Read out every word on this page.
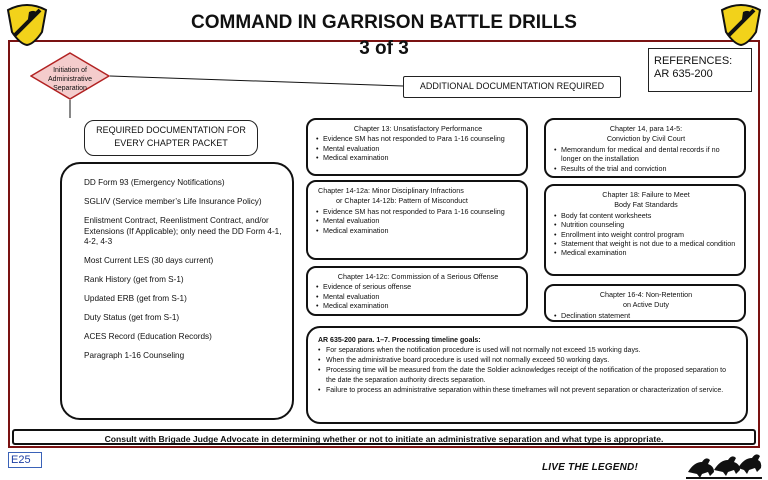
COMMAND IN GARRISON BATTLE DRILLS
3 of 3
REFERENCES:
AR 635-200
Initiation of
Administrative
Separation	ADDITIONAL DOCUMENTATION REQUIRED
REQUIRED DOCUMENTATION FOR
EVERY CHAPTER PACKET

DD Form 93 (Emergency Notifications)

SGLI/V (Service member’s Life Insurance Policy)

Enlistment Contract, Reenlistment Contract, and/or Extensions (If Applicable); only need the DD Form 4-1, 4-2, 4-3

Most Current LES (30 days current)

Rank History (get from S-1)

Updated ERB (get from S-1)

Duty Status (get from S-1)

ACES Record (Education Records)

Paragraph 1-16 Counseling

Chapter 13: Unsatisfactory Performance
• Evidence SM has not responded to Para 1-16 counseling
• Mental evaluation
• Medical examination
Chapter 14-12a: Minor Disciplinary Infractions
or Chapter 14-12b: Pattern of Misconduct
• Evidence SM has not responded to Para 1-16 counseling
• Mental evaluation
• Medical examination
Chapter 14-12c: Commission of a Serious Offense
• Evidence of serious offense
• Mental evaluation
• Medical examination
Chapter 14, para 14-5:
Conviction by Civil Court
• Memorandum for medical and dental records if no longer on the installation
• Results of the trial and conviction
Chapter 18: Failure to Meet
Body Fat Standards
• Body fat content worksheets
• Nutrition counseling
• Enrollment into weight control program
• Statement that weight is not due to a medical condition
• Medical examination
Chapter 16-4: Non-Retention
on Active Duty
• Declination statement
AR 635-200 para. 1–7. Processing timeline goals:
• For separations when the notification procedure is used will not normally not exceed 15 working days.
• When the administrative board procedure is used will not normally exceed 50 working days.
• Processing time will be measured from the date the Soldier acknowledges receipt of the notification of the proposed separation to the date the separation authority directs separation.
• Failure to process an administrative separation within these timeframes will not prevent separation or characterization of service.
Consult with Brigade Judge Advocate in determining whether or not to initiate an administrative separation and what type is appropriate.
E25
LIVE THE LEGEND!
